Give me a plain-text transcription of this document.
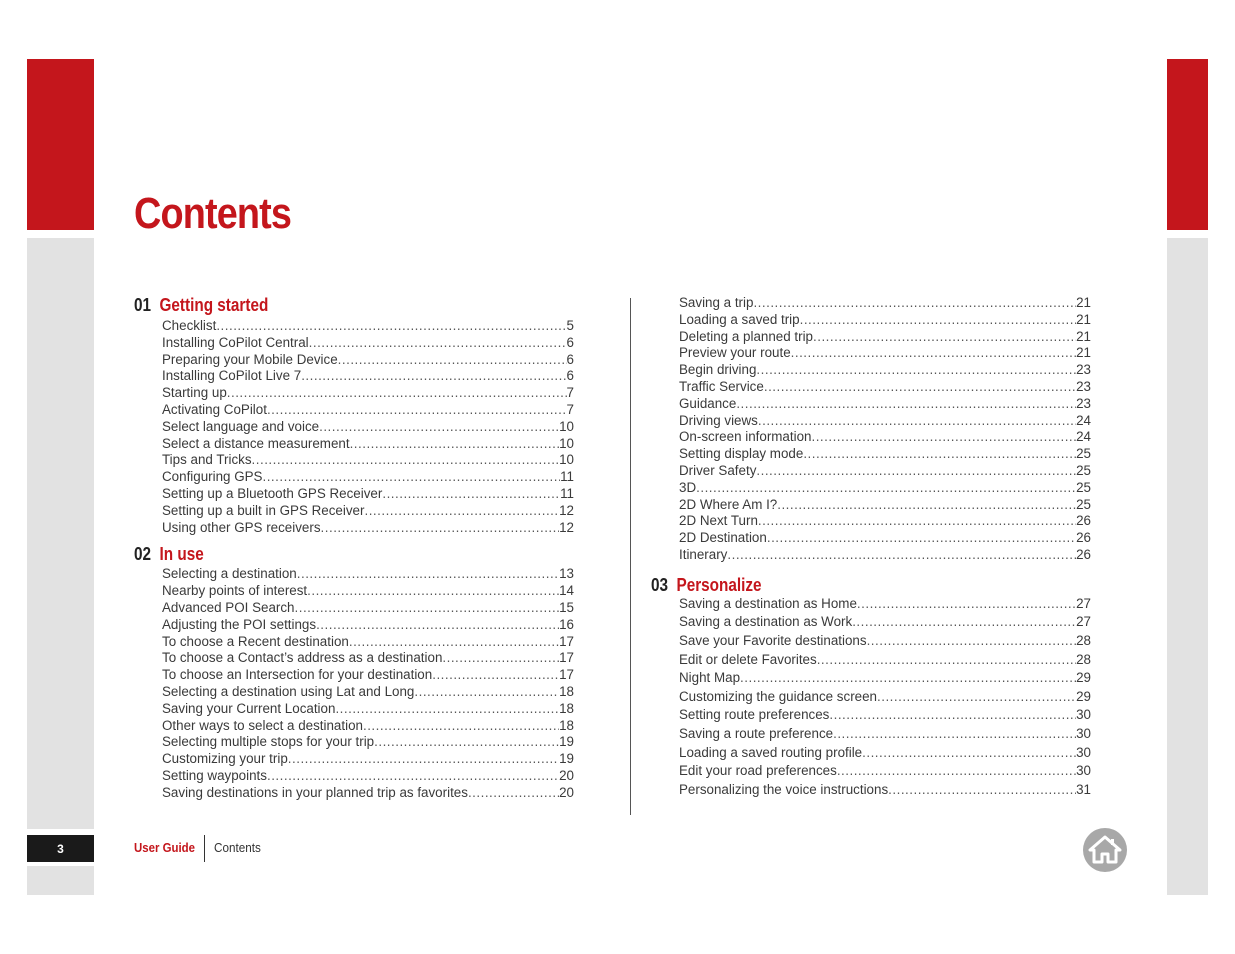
3
Contents
01 Getting started
Checklist .....	5
Installing CoPilot Central .....	6
Preparing your Mobile Device .....	6
Installing CoPilot Live 7 .....	6
Starting up .....	7
Activating CoPilot .....	7
Select language and voice .....	10
Select a distance measurement .....	10
Tips and Tricks .....	10
Configuring GPS .....	11
Setting up a Bluetooth GPS Receiver .....	11
Setting up a built in GPS Receiver .....	12
Using other GPS receivers .....	12
02 In use
Selecting a destination .....	13
Nearby points of interest .....	14
Advanced POI Search .....	15
Adjusting the POI settings .....	16
To choose a Recent destination .....	17
To choose a Contact’s address as a destination .....	17
To choose an Intersection for your destination .....	17
Selecting a destination using Lat and Long .....	18
Saving your Current Location .....	18
Other ways to select a destination .....	18
Selecting multiple stops for your trip .....	19
Customizing your trip .....	19
Setting waypoints .....	20
Saving destinations in your planned trip as favorites .....	20
Saving a trip .....	21
Loading a saved trip .....	21
Deleting a planned trip .....	21
Preview your route .....	21
Begin driving .....	23
Traffic Service .....	23
Guidance .....	23
Driving views .....	24
On-screen information .....	24
Setting display mode .....	25
Driver Safety .....	25
3D .....	25
2D Where Am I? .....	25
2D Next Turn .....	26
2D Destination .....	26
Itinerary .....	26
03 Personalize
Saving a destination as Home .....	27
Saving a destination as Work .....	27
Save your Favorite destinations .....	28
Edit or delete Favorites .....	28
Night Map .....	29
Customizing the guidance screen .....	29
Setting route preferences .....	30
Saving a route preference .....	30
Loading a saved routing profile .....	30
Edit your road preferences .....	30
Personalizing the voice instructions .....	31
User Guide Contents
